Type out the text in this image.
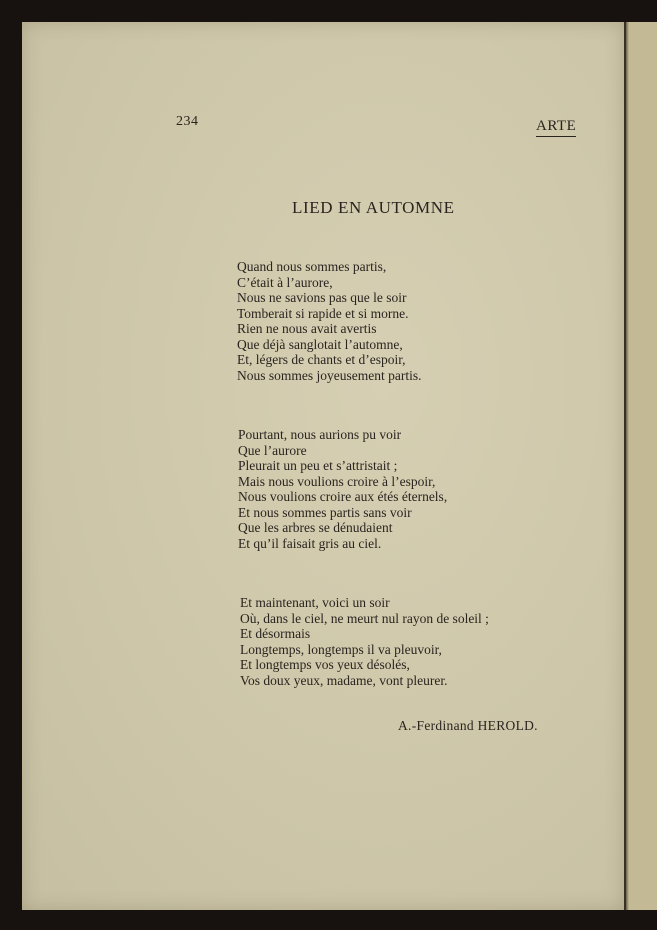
234	ARTE
LIED EN AUTOMNE
Quand nous sommes partis,
C’était à l’aurore,
Nous ne savions pas que le soir
Tomberait si rapide et si morne.
Rien ne nous avait avertis
Que déjà sanglotait l’automne,
Et, légers de chants et d’espoir,
Nous sommes joyeusement partis.
Pourtant, nous aurions pu voir
Que l’aurore
Pleurait un peu et s’attristait ;
Mais nous voulions croire à l’espoir,
Nous voulions croire aux étés éternels,
Et nous sommes partis sans voir
Que les arbres se dénudaient
Et qu’il faisait gris au ciel.
Et maintenant, voici un soir
Où, dans le ciel, ne meurt nul rayon de soleil ;
Et désormais
Longtemps, longtemps il va pleuvoir,
Et longtemps vos yeux désolés,
Vos doux yeux, madame, vont pleurer.
A.-Ferdinand HEROLD.
